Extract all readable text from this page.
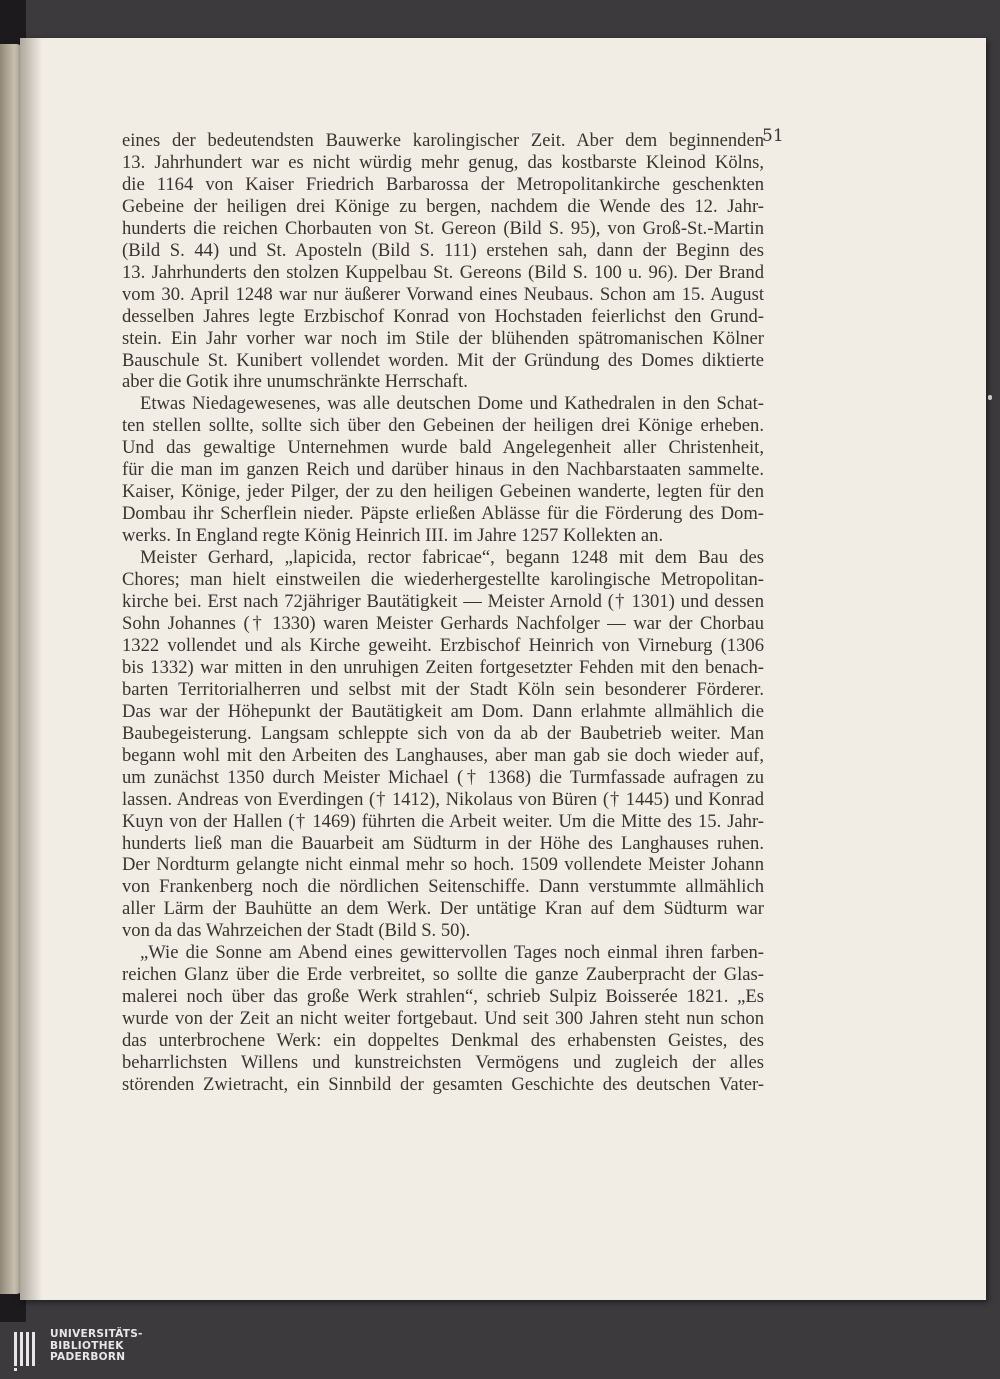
51
eines der bedeutendsten Bauwerke karolingischer Zeit. Aber dem beginnenden
13. Jahrhundert war es nicht würdig mehr genug, das kostbarste Kleinod Kölns,
die 1164 von Kaiser Friedrich Barbarossa der Metropolitankirche geschenkten
Gebeine der heiligen drei Könige zu bergen, nachdem die Wende des 12. Jahr-
hunderts die reichen Chorbauten von St. Gereon (Bild S. 95), von Groß-St.-Martin
(Bild S. 44) und St. Aposteln (Bild S. 111) erstehen sah, dann der Beginn des
13. Jahrhunderts den stolzen Kuppelbau St. Gereons (Bild S. 100 u. 96). Der Brand
vom 30. April 1248 war nur äußerer Vorwand eines Neubaus. Schon am 15. August
desselben Jahres legte Erzbischof Konrad von Hochstaden feierlichst den Grund-
stein. Ein Jahr vorher war noch im Stile der blühenden spätromanischen Kölner
Bauschule St. Kunibert vollendet worden. Mit der Gründung des Domes diktierte
aber die Gotik ihre unumschränkte Herrschaft.
Etwas Niedagewesenes, was alle deutschen Dome und Kathedralen in den Schat-
ten stellen sollte, sollte sich über den Gebeinen der heiligen drei Könige erheben.
Und das gewaltige Unternehmen wurde bald Angelegenheit aller Christenheit,
für die man im ganzen Reich und darüber hinaus in den Nachbarstaaten sammelte.
Kaiser, Könige, jeder Pilger, der zu den heiligen Gebeinen wanderte, legten für den
Dombau ihr Scherflein nieder. Päpste erließen Ablässe für die Förderung des Dom-
werks. In England regte König Heinrich III. im Jahre 1257 Kollekten an.
Meister Gerhard, „lapicida, rector fabricae“, begann 1248 mit dem Bau des
Chores; man hielt einstweilen die wiederhergestellte karolingische Metropolitan-
kirche bei. Erst nach 72jähriger Bautätigkeit — Meister Arnold († 1301) und dessen
Sohn Johannes († 1330) waren Meister Gerhards Nachfolger — war der Chorbau
1322 vollendet und als Kirche geweiht. Erzbischof Heinrich von Virneburg (1306
bis 1332) war mitten in den unruhigen Zeiten fortgesetzter Fehden mit den benach-
barten Territorialherren und selbst mit der Stadt Köln sein besonderer Förderer.
Das war der Höhepunkt der Bautätigkeit am Dom. Dann erlahmte allmählich die
Baubegeisterung. Langsam schleppte sich von da ab der Baubetrieb weiter. Man
begann wohl mit den Arbeiten des Langhauses, aber man gab sie doch wieder auf,
um zunächst 1350 durch Meister Michael († 1368) die Turmfassade aufragen zu
lassen. Andreas von Everdingen († 1412), Nikolaus von Büren († 1445) und Konrad
Kuyn von der Hallen († 1469) führten die Arbeit weiter. Um die Mitte des 15. Jahr-
hunderts ließ man die Bauarbeit am Südturm in der Höhe des Langhauses ruhen.
Der Nordturm gelangte nicht einmal mehr so hoch. 1509 vollendete Meister Johann
von Frankenberg noch die nördlichen Seitenschiffe. Dann verstummte allmählich
aller Lärm der Bauhütte an dem Werk. Der untätige Kran auf dem Südturm war
von da das Wahrzeichen der Stadt (Bild S. 50).
„Wie die Sonne am Abend eines gewittervollen Tages noch einmal ihren farben-
reichen Glanz über die Erde verbreitet, so sollte die ganze Zauberpracht der Glas-
malerei noch über das große Werk strahlen“, schrieb Sulpiz Boisserée 1821. „Es
wurde von der Zeit an nicht weiter fortgebaut. Und seit 300 Jahren steht nun schon
das unterbrochene Werk: ein doppeltes Denkmal des erhabensten Geistes, des
beharrlichsten Willens und kunstreichsten Vermögens und zugleich der alles
störenden Zwietracht, ein Sinnbild der gesamten Geschichte des deutschen Vater-
UNIVERSITÄTS-
BIBLIOTHEK
PADERBORN
